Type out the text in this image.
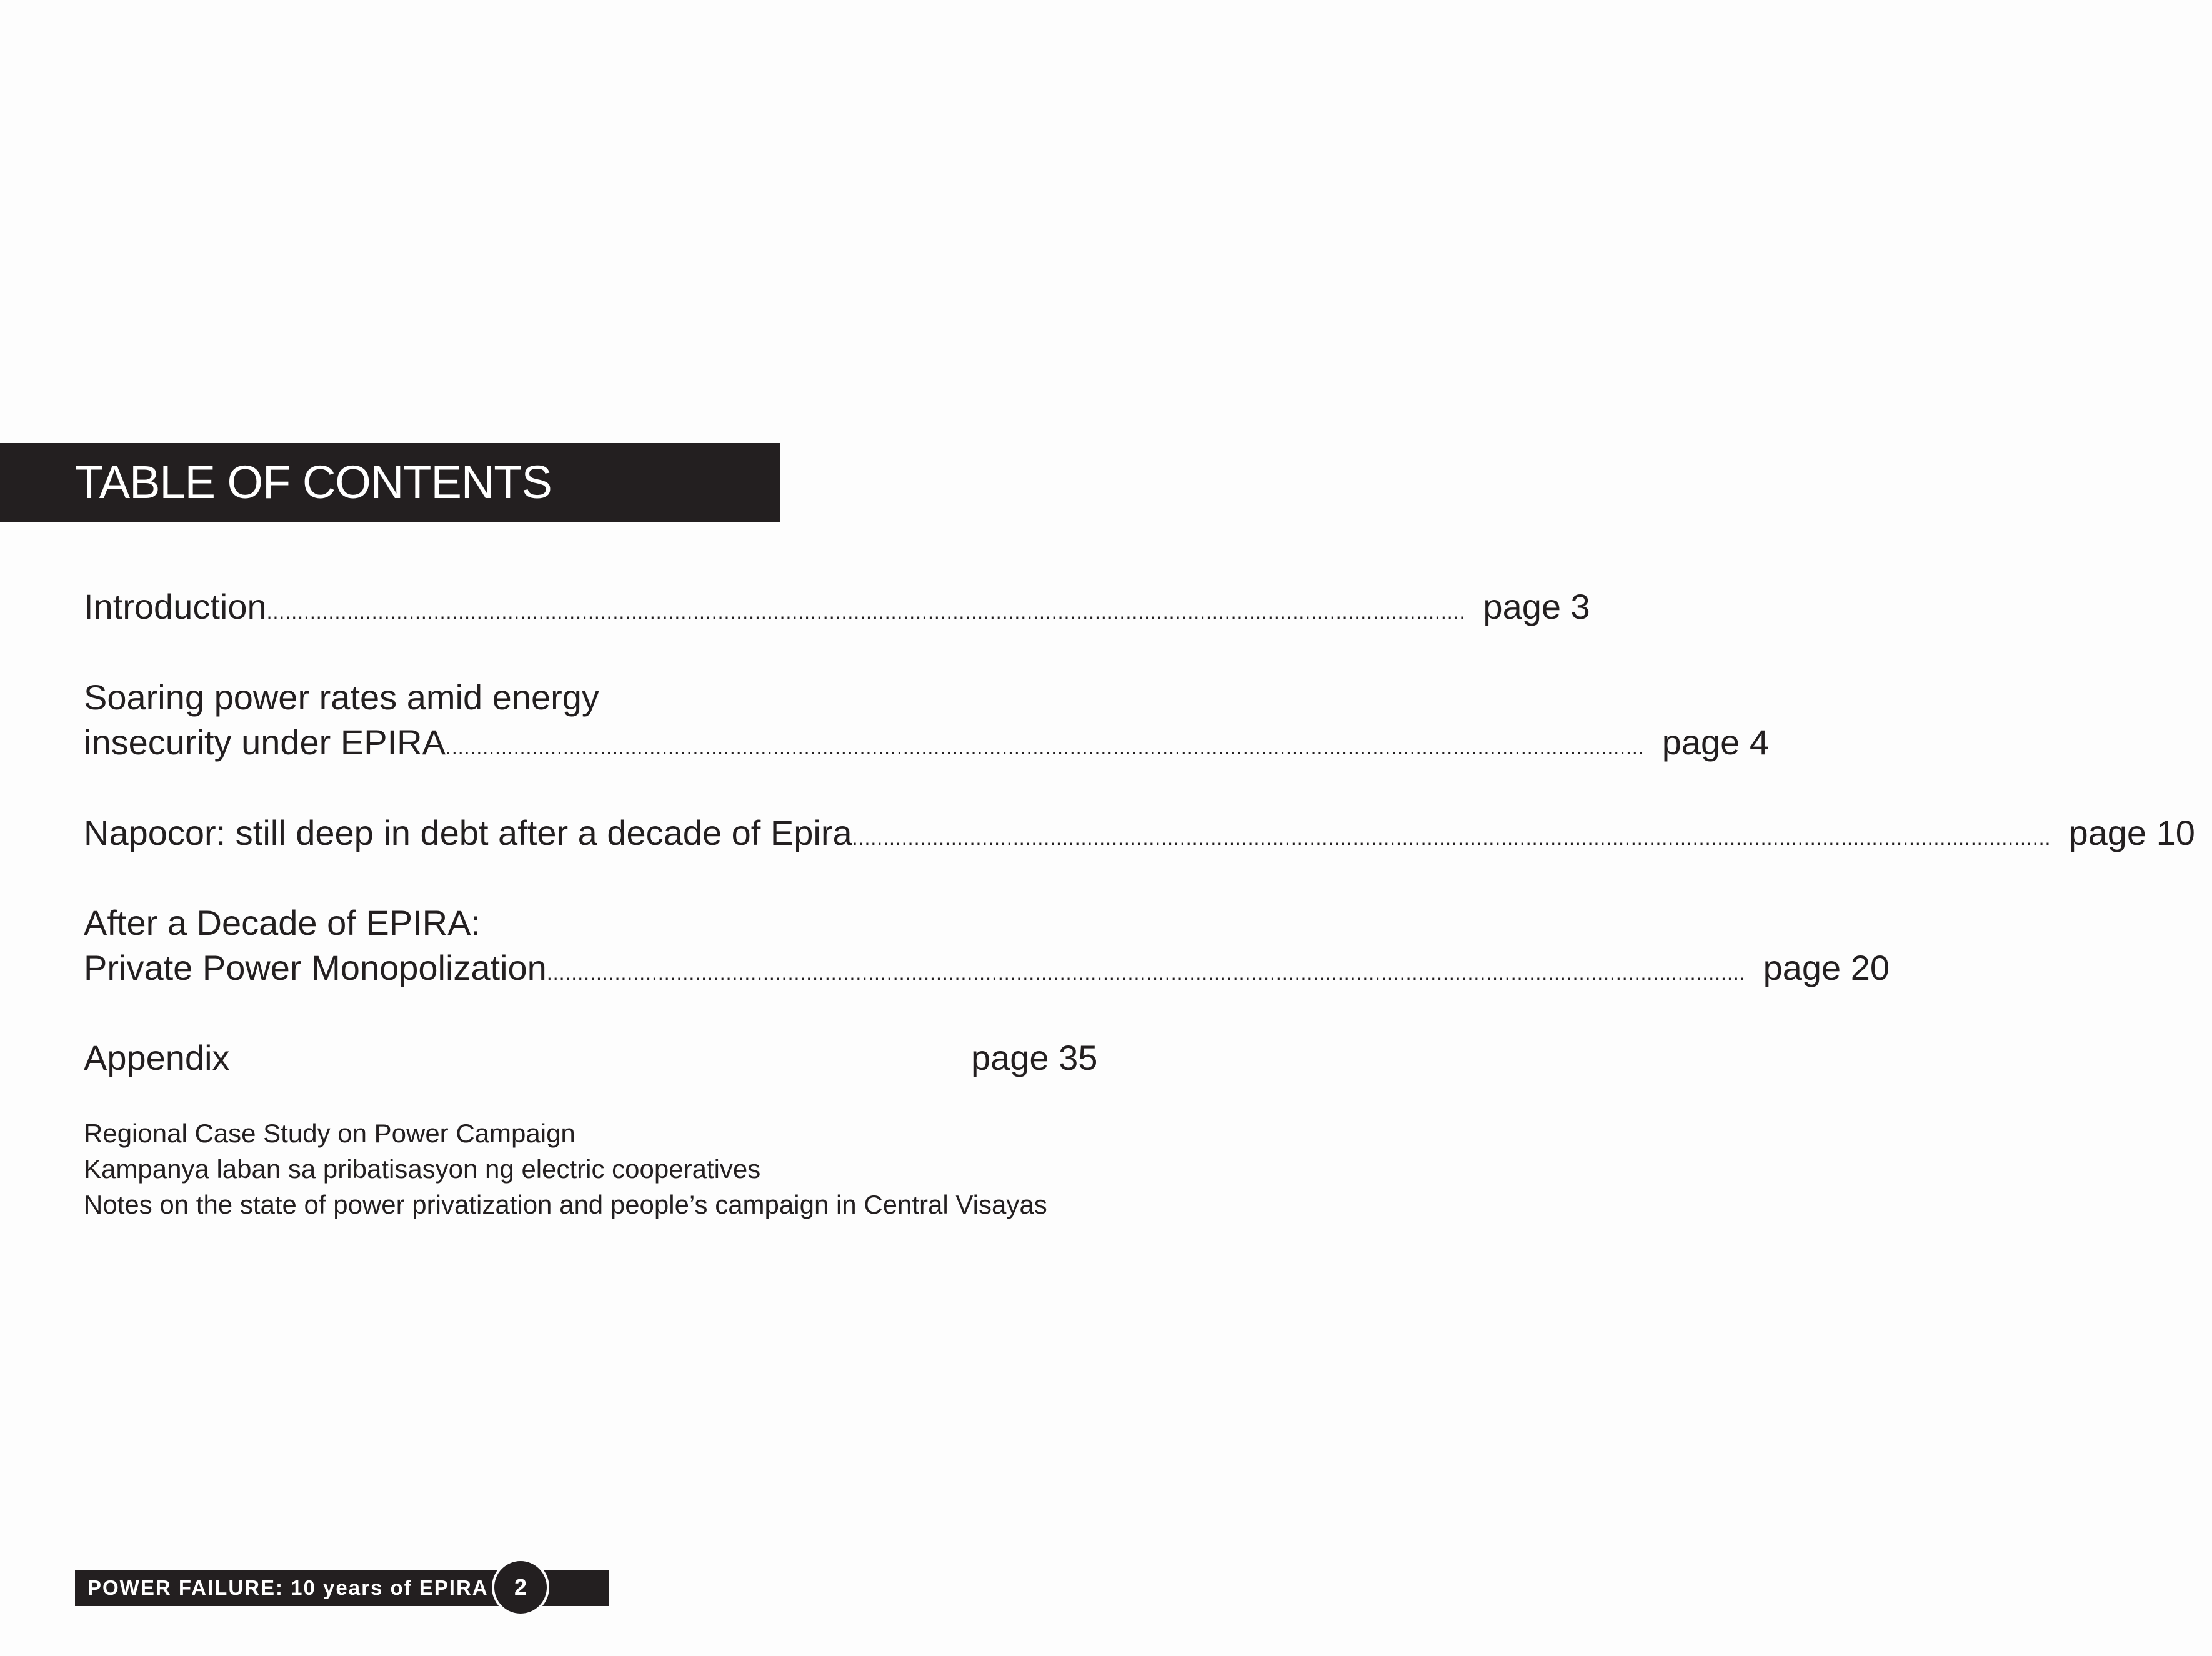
TABLE OF CONTENTS
Introduction .................................................................................................................................................................................................. page 3
Soaring power rates amid energy
insecurity under EPIRA .................................................................................................................................................................................................. page 4
Napocor: still deep in debt after a decade of Epira .................................................................................................................................................................................................. page 10
After a Decade of EPIRA:
Private Power Monopolization .................................................................................................................................................................................................. page 20
Appendix	page 35
Regional Case Study on Power Campaign
Kampanya laban sa pribatisasyon ng electric cooperatives
Notes on the state of power privatization and people’s campaign in Central Visayas
POWER FAILURE: 10 years of EPIRA	2
